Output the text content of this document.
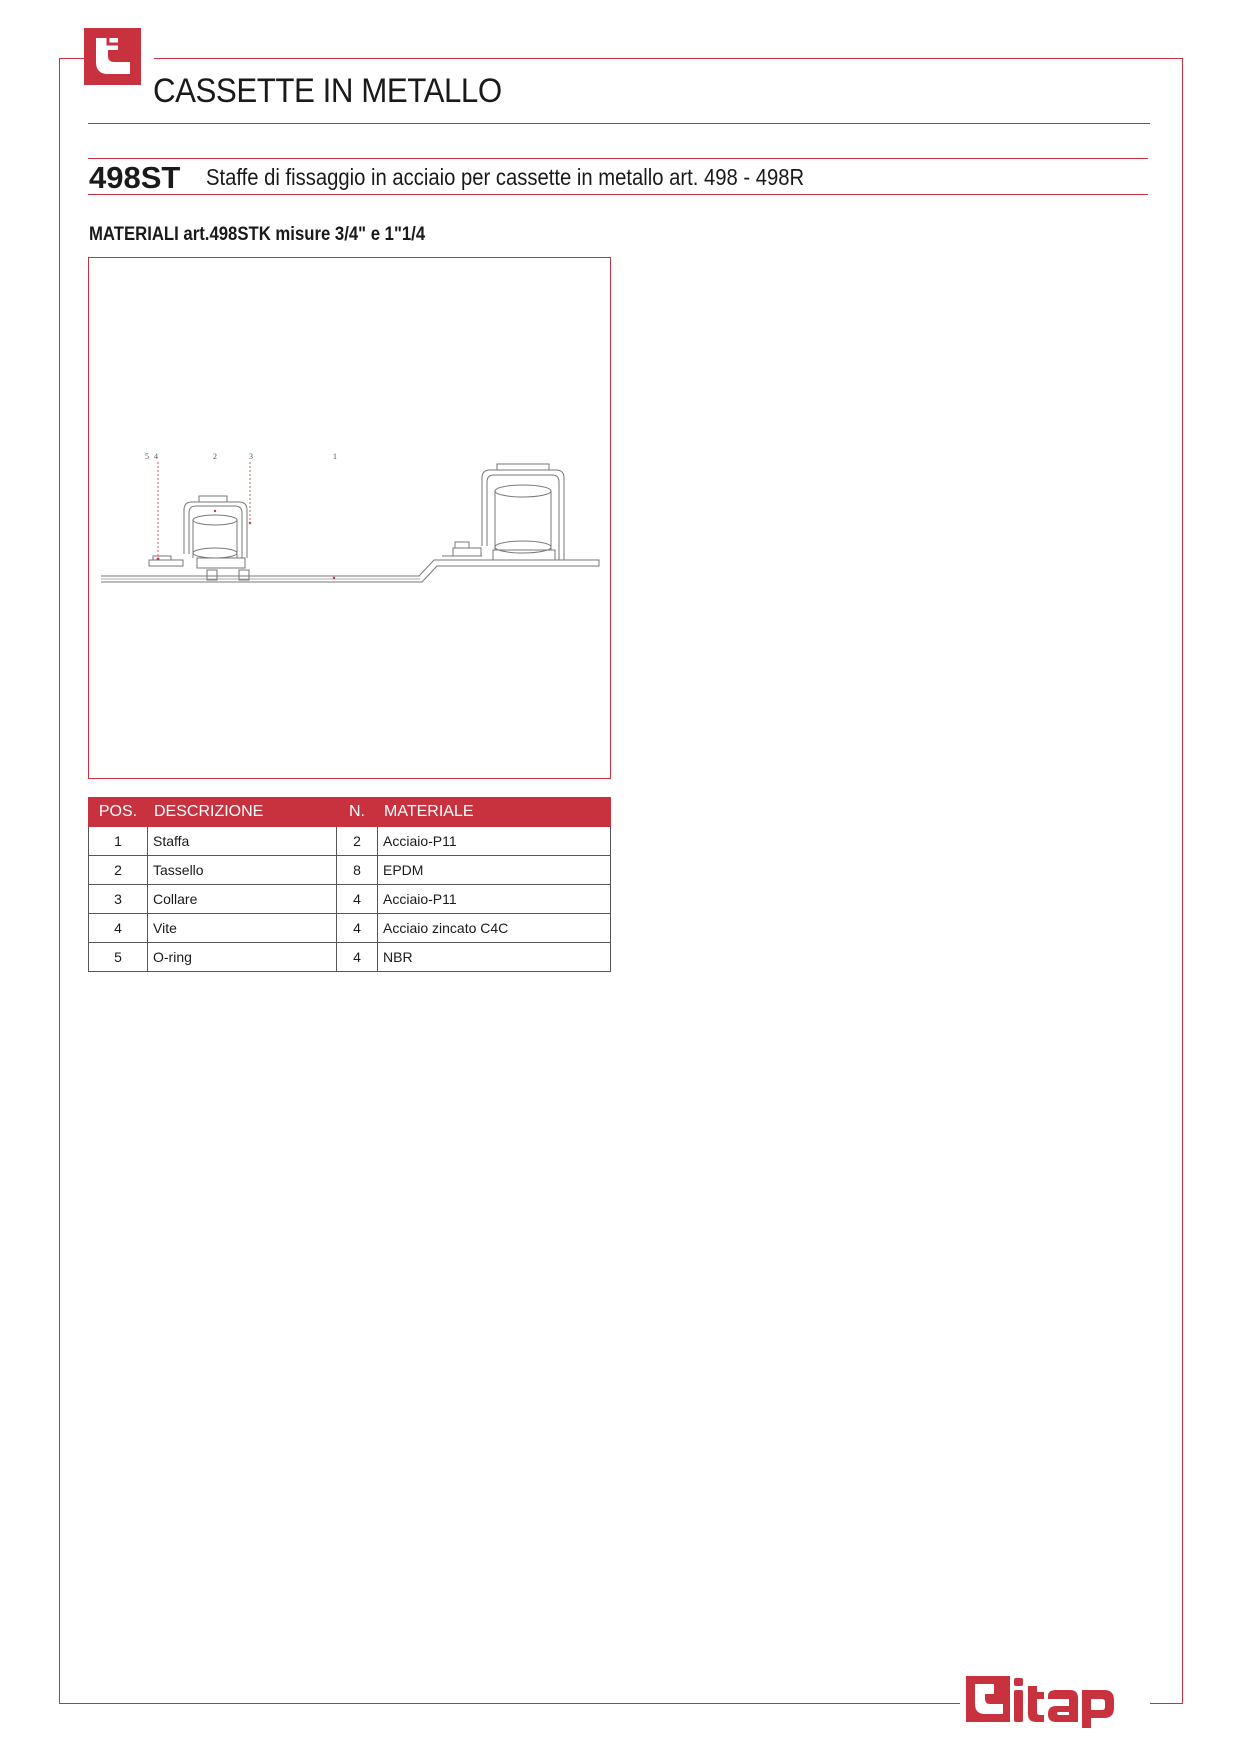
CASSETTE IN METALLO
498ST Staffe di fissaggio in acciaio per cassette in metallo art. 498 - 498R
MATERIALI art.498STK misure 3/4" e 1"1/4
5 4	2	3	1
POS.	DESCRIZIONE	N.	MATERIALE
1	Staffa	2	Acciaio-P11
2	Tassello	8	EPDM
3	Collare	4	Acciaio-P11
4	Vite	4	Acciaio zincato C4C
5	O-ring	4	NBR
